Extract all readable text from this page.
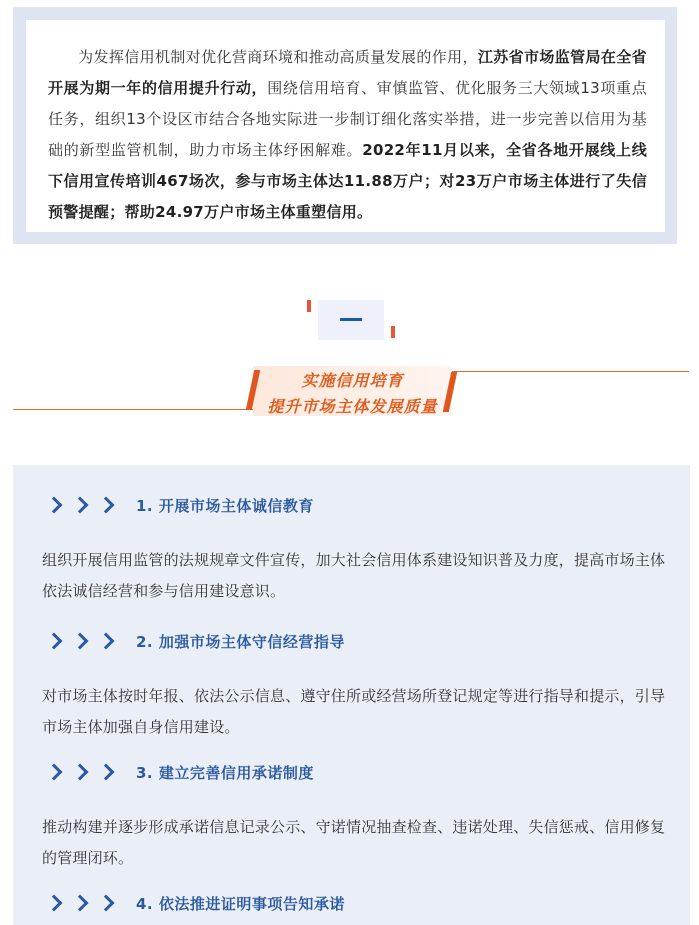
为发挥信用机制对优化营商环境和推动高质量发展的作用，江苏省市场监管局在全省开展为期一年的信用提升行动，围绕信用培育、审慎监管、优化服务三大领域13项重点任务，组织13个设区市结合各地实际进一步制订细化落实举措，进一步完善以信用为基础的新型监管机制，助力市场主体纾困解难。2022年11月以来，全省各地开展线上线下信用宣传培训467场次，参与市场主体达11.88万户；对23万户市场主体进行了失信预警提醒；帮助24.97万户市场主体重塑信用。
实施信用培育
提升市场主体发展质量
1. 开展市场主体诚信教育
组织开展信用监管的法规规章文件宣传，加大社会信用体系建设知识普及力度，提高市场主体依法诚信经营和参与信用建设意识。
2. 加强市场主体守信经营指导
对市场主体按时年报、依法公示信息、遵守住所或经营场所登记规定等进行指导和提示，引导市场主体加强自身信用建设。
3. 建立完善信用承诺制度
推动构建并逐步形成承诺信息记录公示、守诺情况抽查检查、违诺处理、失信惩戒、信用修复的管理闭环。
4. 依法推进证明事项告知承诺
